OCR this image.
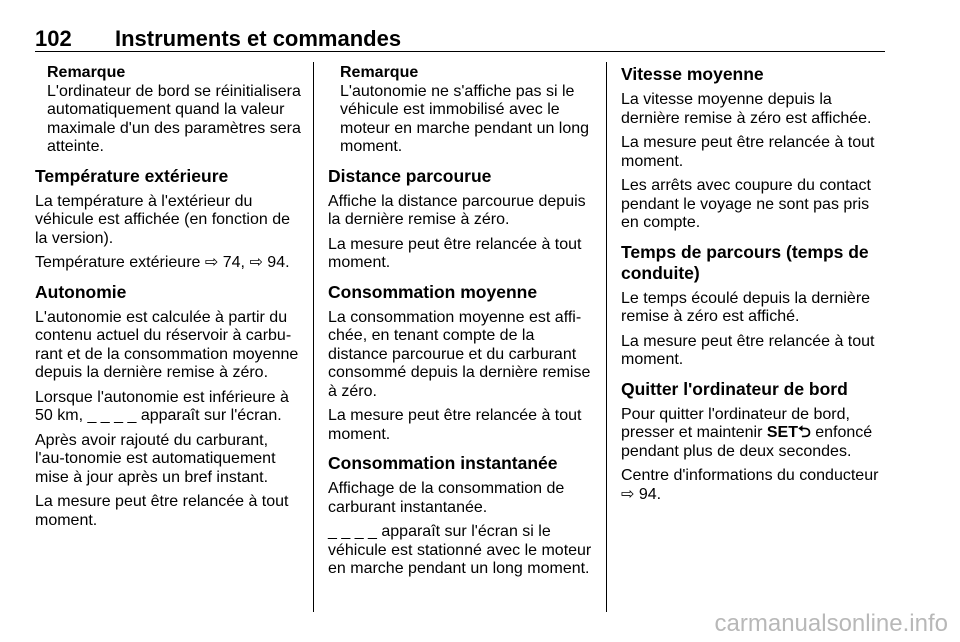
102 Instruments et commandes
Remarque
L'ordinateur de bord se réinitialisera automatiquement quand la valeur maximale d'un des paramètres sera atteinte.
Température extérieure

La température à l'extérieur du véhicule est affichée (en fonction de la version).

Température extérieure ⇨ 74, ⇨ 94.

Autonomie

L'autonomie est calculée à partir du contenu actuel du réservoir à carbu-rant et de la consommation moyenne depuis la dernière remise à zéro.

Lorsque l'autonomie est inférieure à 50 km, _ _ _ _ apparaît sur l'écran.

Après avoir rajouté du carburant, l'au-tonomie est automatiquement mise à jour après un bref instant.

La mesure peut être relancée à tout moment.

Remarque
L'autonomie ne s'affiche pas si le véhicule est immobilisé avec le moteur en marche pendant un long moment.
Distance parcourue

Affiche la distance parcourue depuis la dernière remise à zéro.

La mesure peut être relancée à tout moment.

Consommation moyenne

La consommation moyenne est affi-chée, en tenant compte de la distance parcourue et du carburant consommé depuis la dernière remise à zéro.

La mesure peut être relancée à tout moment.

Consommation instantanée

Affichage de la consommation de carburant instantanée.

_ _ _ _ apparaît sur l'écran si le véhicule est stationné avec le moteur en marche pendant un long moment.

Vitesse moyenne

La vitesse moyenne depuis la dernière remise à zéro est affichée.

La mesure peut être relancée à tout moment.

Les arrêts avec coupure du contact pendant le voyage ne sont pas pris en compte.

Temps de parcours (temps de conduite)

Le temps écoulé depuis la dernière remise à zéro est affiché.

La mesure peut être relancée à tout moment.

Quitter l'ordinateur de bord

Pour quitter l'ordinateur de bord, presser et maintenir SET⮌ enfoncé pendant plus de deux secondes.

Centre d'informations du conducteur ⇨ 94.

carmanualsonline.info
